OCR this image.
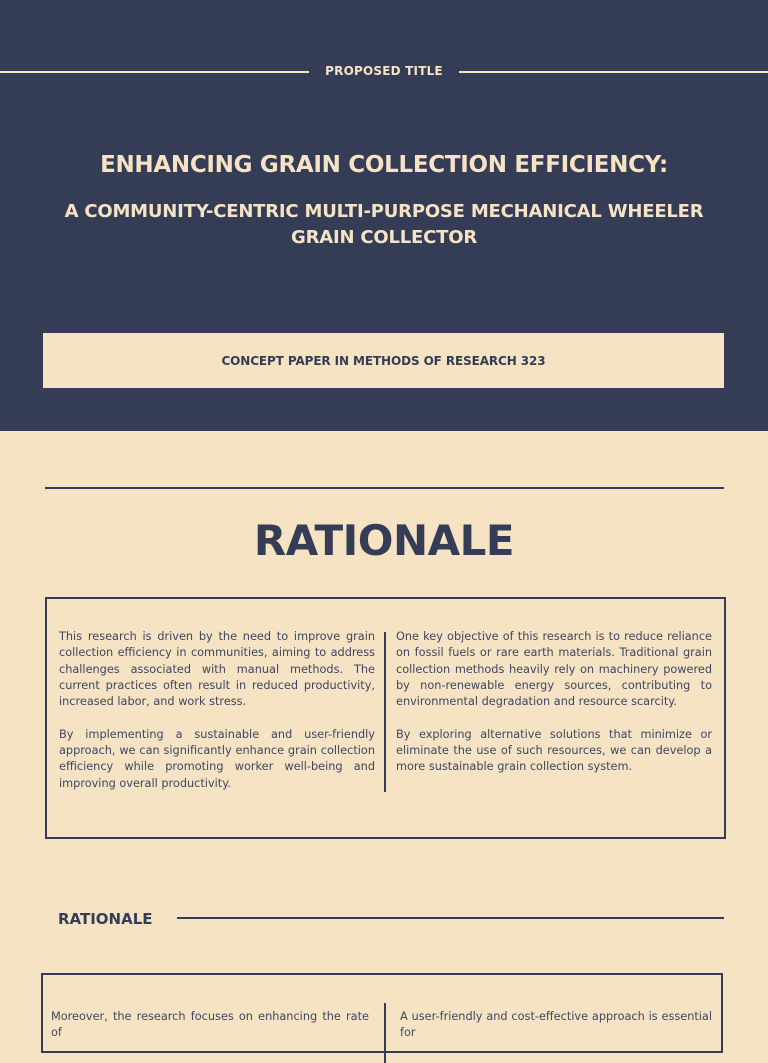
PROPOSED TITLE
ENHANCING GRAIN COLLECTION EFFICIENCY:
A COMMUNITY-CENTRIC MULTI-PURPOSE MECHANICAL WHEELER GRAIN COLLECTOR
CONCEPT PAPER IN METHODS OF RESEARCH 323
RATIONALE

This research is driven by the need to improve grain collection efficiency in communities, aiming to address challenges associated with manual methods. The current practices often result in reduced productivity, increased labor, and work stress.

By implementing a sustainable and user-friendly approach, we can significantly enhance grain collection efficiency while promoting worker well-being and improving overall productivity.

One key objective of this research is to reduce reliance on fossil fuels or rare earth materials. Traditional grain collection methods heavily rely on machinery powered by non-renewable energy sources, contributing to environmental degradation and resource scarcity.

By exploring alternative solutions that minimize or eliminate the use of such resources, we can develop a more sustainable grain collection system.

RATIONALE

Moreover, the research focuses on enhancing the rate of

A user-friendly and cost-effective approach is essential for
